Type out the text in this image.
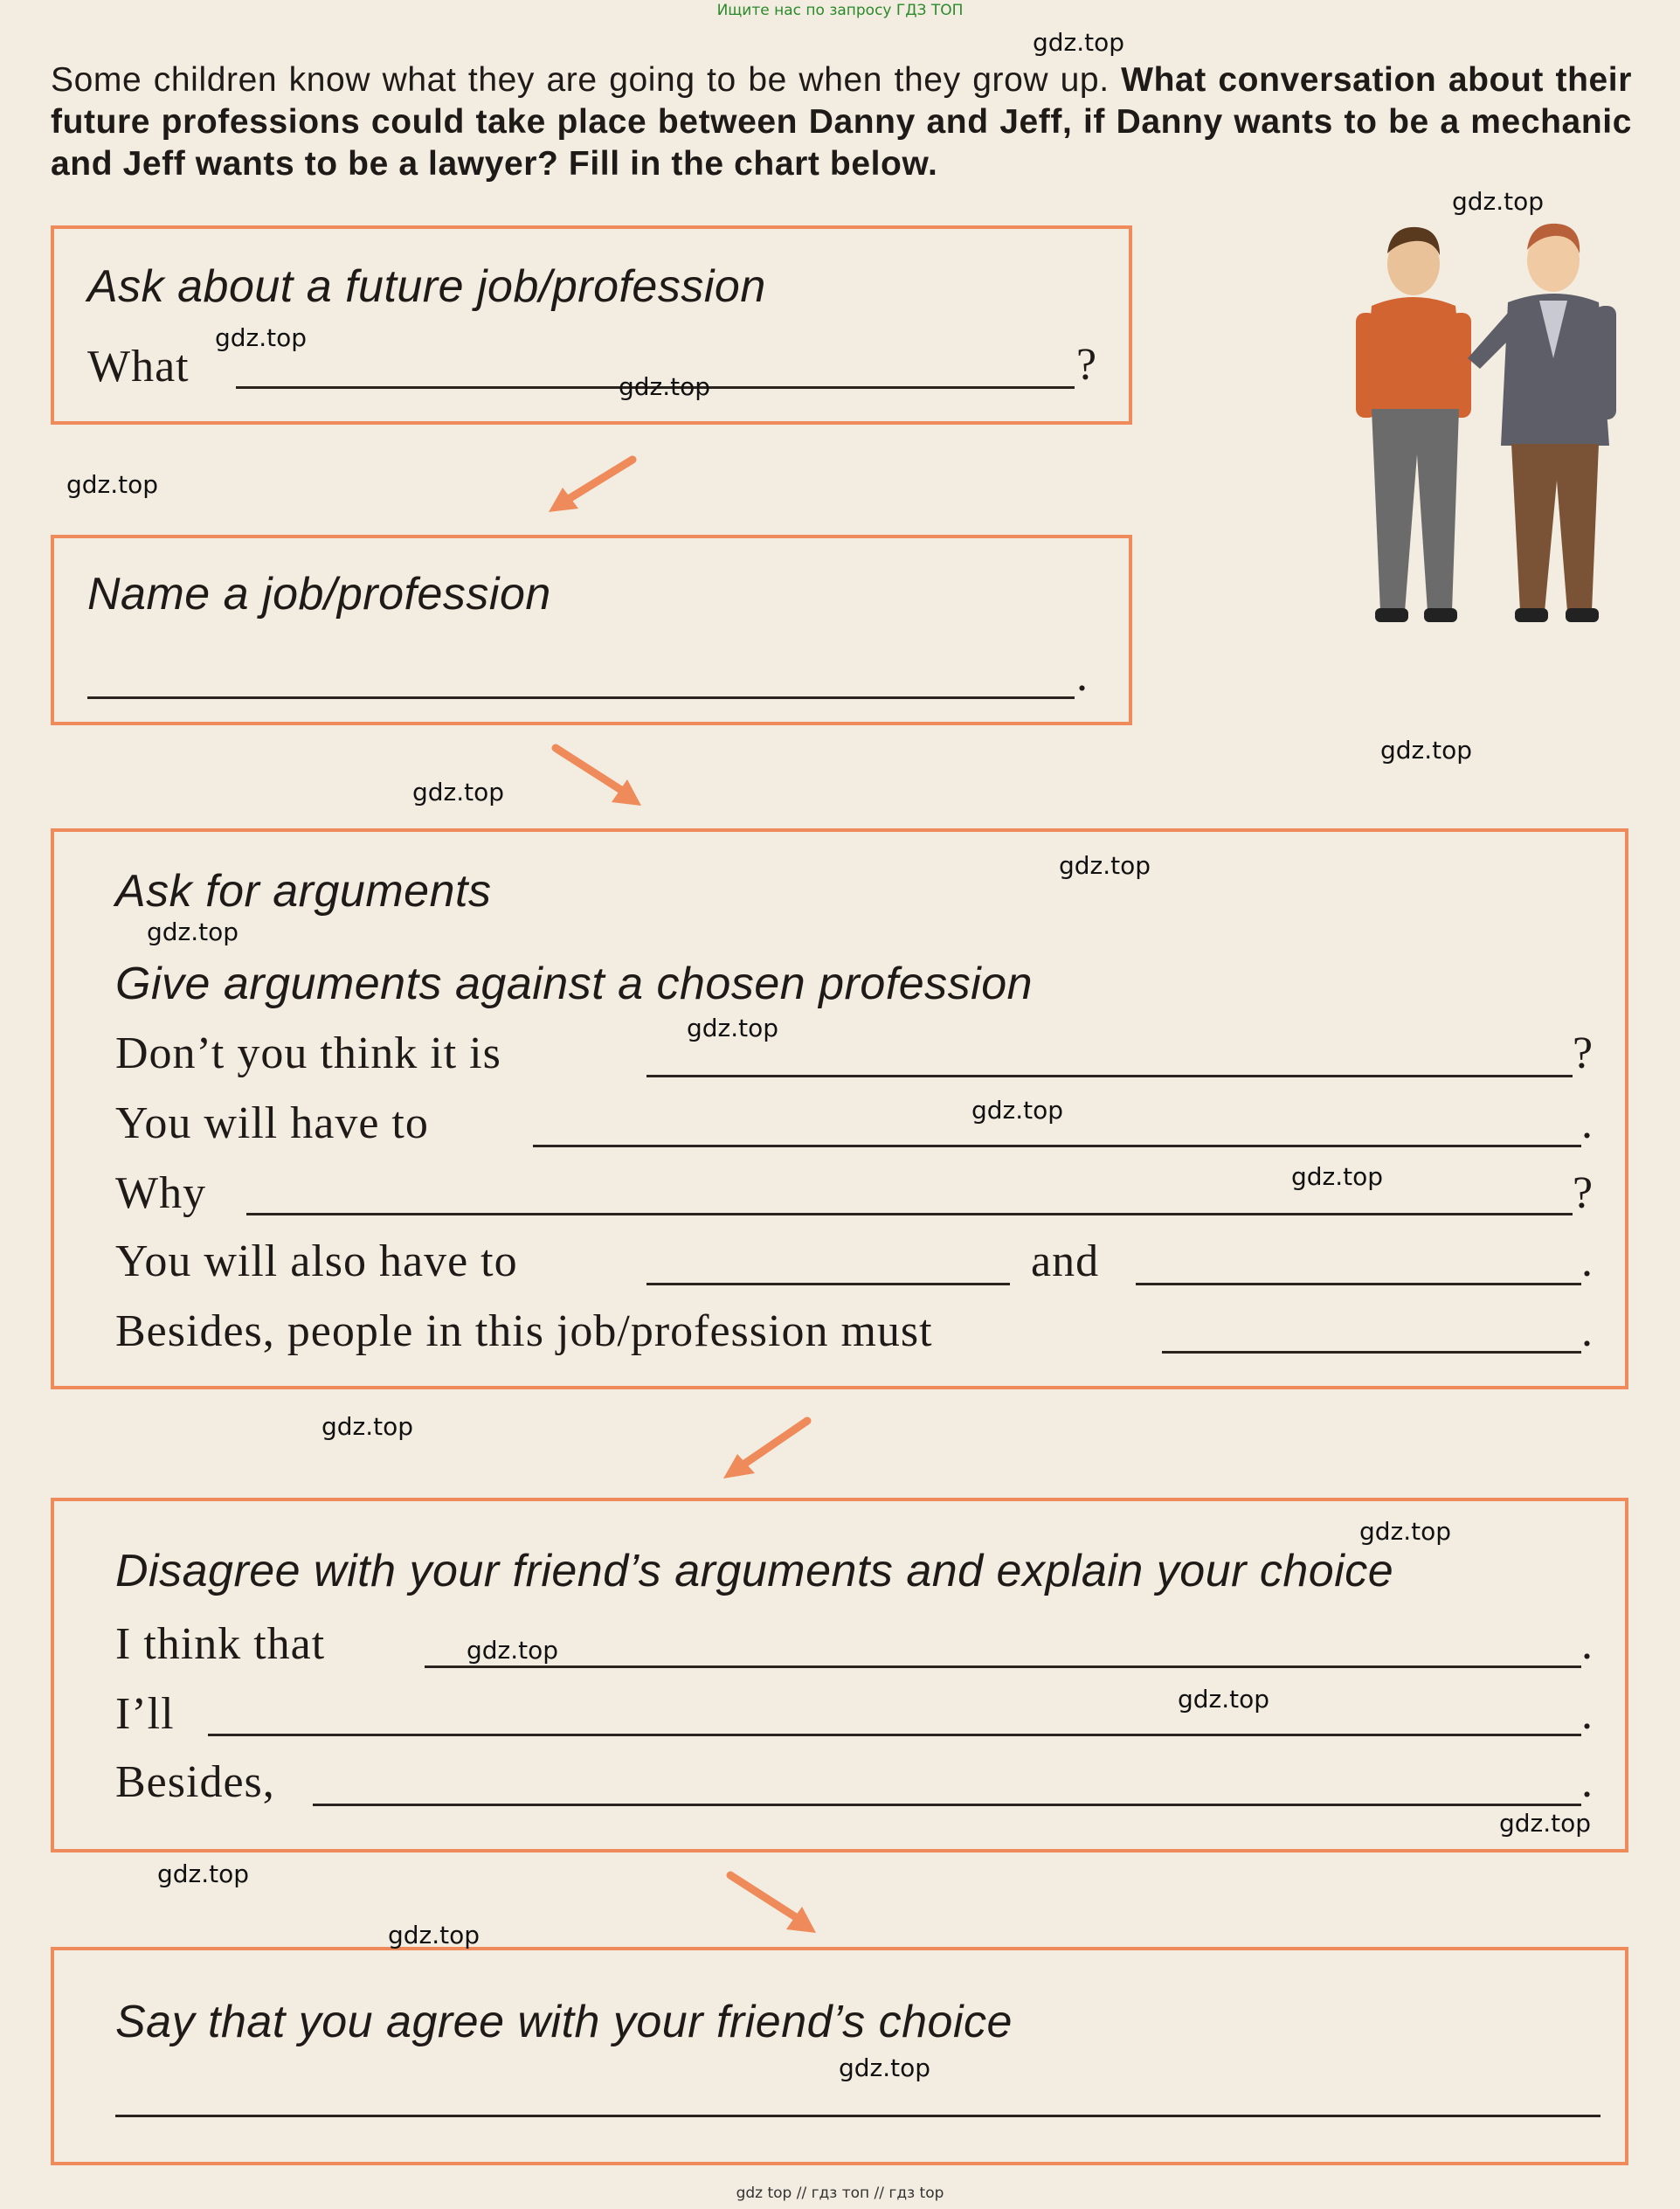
Ищите нас по запросу ГДЗ ТОП
Some children know what they are going to be when they grow up. What conversation about their future professions could take place between Danny and Jeff, if Danny wants to be a mechanic and Jeff wants to be a lawyer? Fill in the chart below.
Ask about a future job/profession
What	?
Name a job/profession
.
Ask for arguments
Give arguments against a chosen profession
Don’t you think it is	?
You will have to	.
Why	?
You will also have to	and	.
Besides, people in this job/profession must	.
Disagree with your friend’s arguments and explain your choice
I think that	.
I’ll	.
Besides,	.
Say that you agree with your friend’s choice
gdz.top
gdz.top
gdz.top
gdz.top
gdz.top
gdz.top
gdz.top
gdz.top
gdz.top
gdz.top
gdz.top
gdz.top
gdz.top
gdz.top
gdz.top
gdz.top
gdz.top
gdz.top
gdz.top
gdz.top
gdz top // гдз топ // гдз top
